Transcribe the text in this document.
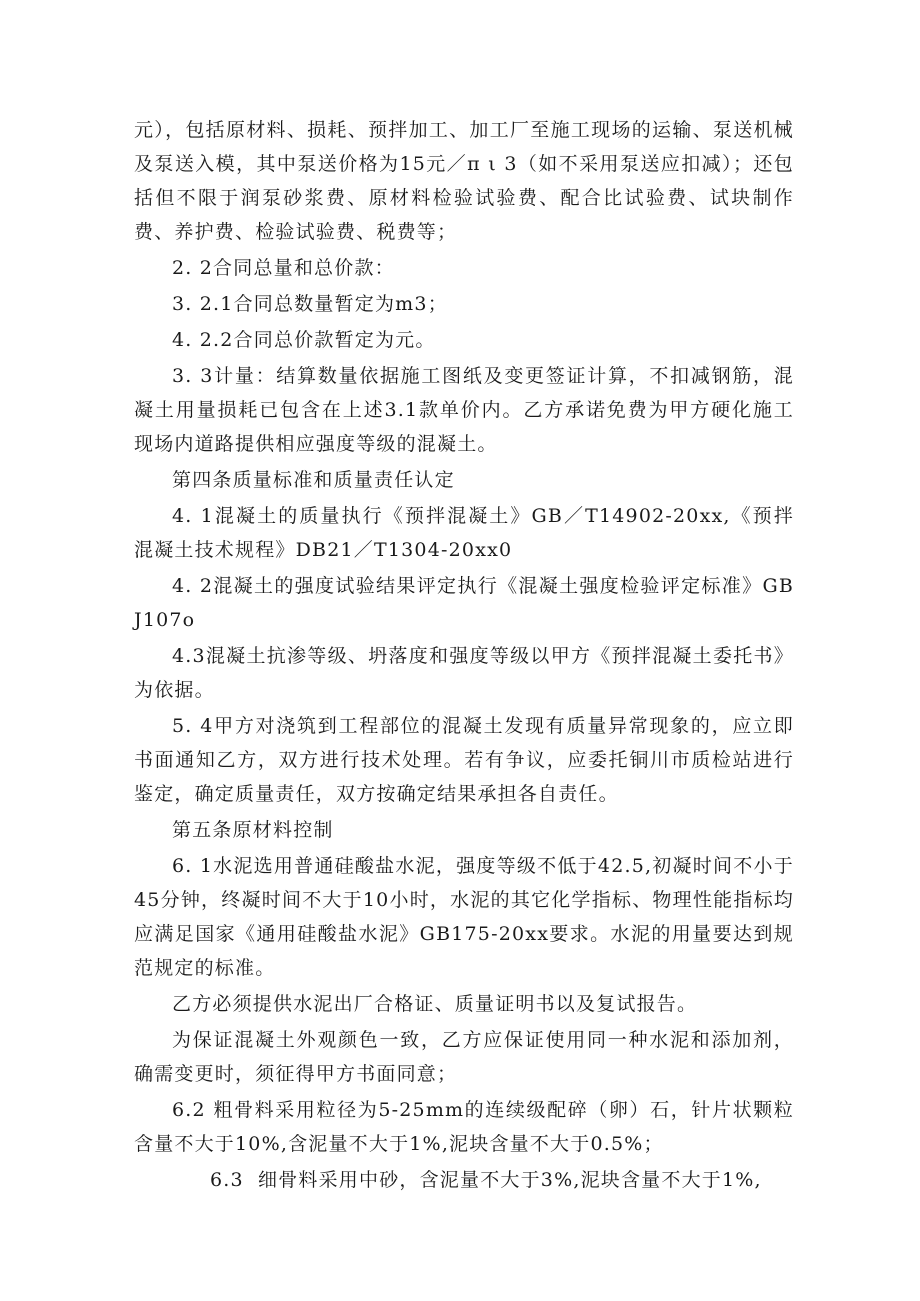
元），包括原材料、损耗、预拌加工、加工厂至施工现场的运输、泵送机械及泵送入模，其中泵送价格为15元／π ι 3（如不采用泵送应扣减）；还包括但不限于润泵砂浆费、原材料检验试验费、配合比试验费、试块制作费、养护费、检验试验费、税费等；

2. 2合同总量和总价款：

3. 2.1合同总数量暂定为m3；

4. 2.2合同总价款暂定为元。

3. 3计量：结算数量依据施工图纸及变更签证计算，不扣减钢筋，混凝土用量损耗已包含在上述3.1款单价内。乙方承诺免费为甲方硬化施工现场内道路提供相应强度等级的混凝土。

第四条质量标准和质量责任认定

4. 1混凝土的质量执行《预拌混凝土》GB／T14902-20xx,《预拌混凝土技术规程》DB21／T1304-20xx0

4. 2混凝土的强度试验结果评定执行《混凝土强度检验评定标准》GBJ107o

4.3混凝土抗渗等级、坍落度和强度等级以甲方《预拌混凝土委托书》为依据。

5. 4甲方对浇筑到工程部位的混凝土发现有质量异常现象的，应立即书面通知乙方，双方进行技术处理。若有争议，应委托铜川市质检站进行鉴定，确定质量责任，双方按确定结果承担各自责任。

第五条原材料控制

6. 1水泥选用普通硅酸盐水泥，强度等级不低于42.5,初凝时间不小于45分钟，终凝时间不大于10小时，水泥的其它化学指标、物理性能指标均应满足国家《通用硅酸盐水泥》GB175-20xx要求。水泥的用量要达到规范规定的标准。

乙方必须提供水泥出厂合格证、质量证明书以及复试报告。

为保证混凝土外观颜色一致，乙方应保证使用同一种水泥和添加剂，确需变更时，须征得甲方书面同意；

6.2 粗骨料采用粒径为5-25mm的连续级配碎（卵）石，针片状颗粒含量不大于10%,含泥量不大于1%,泥块含量不大于0.5%；

6.3 细骨料采用中砂，含泥量不大于3%,泥块含量不大于1%,
